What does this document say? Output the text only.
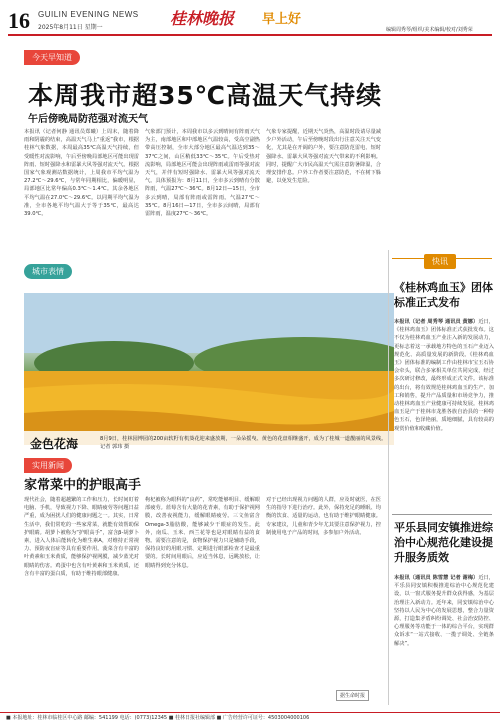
16 GUILIN EVENING NEWS
2025年8月11日 星期一	桂林晚报 早上好
编辑周秀琴/组织/美术编辑/校对/刘秀荣
今天早知道
本周我市超35℃高温天气持续
午后傍晚局防范强对流天气
本报讯（记者何静 通讯员郑曦）上周末，随着降雨和阴霾的结束，高温天气马上“重返”我市，根据桂林气象数据，本周最高35℃高温天气持续，但受暖性对流影响，午后至傍晚局部地区可能出现雷阵雨、短时强降水和雷暴大风等强对流天气。根据国家气象观测站数据统计，上周我市平均气温为27.2℃～29.6℃，与常年同期相比，偏暖明显，局部地区比常年偏高0.3℃～1.4℃。其余各地区平均气温在27.0℃～29.6℃。以同期平均气温为准，全市各地平均气温大于等于35℃，最高达39.0℃。
气象部门预计，本周我市以多云到晴间有阵雨天气为主，南部地区和中部地区气温较高，受高空副热带高压控制，全市大部分地区最高气温达到35～37℃之间，山区稍低33℃～35℃。午后受热对流影响，局部地区可能会出现阵雨或雷雨等强对流天气，并伴有短时强降水、雷暴大风等强对流天气。具体预报为：8月11日，全市多云到晴有分散阵雨，气温27℃～36℃。8月12日—15日，全市多云到晴，局部有阵雨或雷阵雨。气温27℃～35℃。8月16日—17日，全市多云间晴，局部有雷阵雨，温度27℃～36℃。
气象专家提醒，近期天气炎热，高温时段请尽量减少户外活动，午后至傍晚时段出行注意关注天气变化，尤其是在开阔的户外，要注意防范雷电、短时强降水、雷暴大风等强对流天气带来的不利影响。同时，提醒广大市民高温天气需注意防暑降温，合理安排作息。户外工作者要注意防范，不在树下躲避，以免发生危险。
城市表情
金色花海	8月9日，桂林园博园的200亩软籽有机葵花迎来盛放期，一朵朵摇曳、黄色的花盘相继盛开，成为了桂城一道靓丽的风景线。 记者 郭玮 摄
实用新闻
家常菜中的护眼高手
现代社会，随着超越繁的工作和压力，长时间盯着电脑、手机，导致视力下降、眼睛疲劳等问题日益严重，成为困扰人们的健康问题之一。其实，日常生活中，我们常吃的一些家常菜，就能有效帮助保护眼睛。胡萝卜被称为“护眼高手”，富含β-胡萝卜素，进入人体后能转化为维生素A，对维持正常视力、预防夜盲症等具有重要作用。菠菜含有丰富的叶黄素和玉米黄质，能够保护视网膜，减少蓝光对眼睛的伤害。鸡蛋中也含有叶黄素和玉米黄质，还含有丰富的蛋白质，有助于维持眼部健康。
枸杞被称为眼科的“良药”，常吃能够明目、缓解眼部疲劳。蓝莓含有大量的花青素，有助于保护视网膜，改善夜视能力，缓解眼睛疲劳。三文鱼富含Omega-3脂肪酸，能够减少干眼症的发生。此外，南瓜、玉米、西兰花等也是对眼睛有益的食物。需要注意的是，食物保护视力只是辅助手段，保持良好的用眼习惯、定期进行眼部检查才是最重要的。长时间用眼后，应适当休息，远眺放松，让眼睛得到充分休息。
对于已经出现视力问题的人群，应及时就医，在医生的指导下进行治疗。此外，保持充足的睡眠、均衡的饮食、适量的运动，也有助于维护眼睛健康。专家建议，儿童和青少年尤其要注意保护视力，控制使用电子产品的时间，多参加户外活动。
据生命时报
快讯
《桂林鸡血玉》团体标准正式发布
本报讯（记者 周秀琴 通讯员 黄娜）近日，《桂林鸡血玉》团体标准正式获批发布。这不仅为桂林鸡血玉产业注入新的发展动力，更标志着这一承载地方特色的玉石产业迈入规范化、高质量发展的新阶段。《桂林鸡血玉》团体标准的编制工作由桂林市宝玉石协会牵头，联合多家相关单位共同完成，经过多次研讨修改，最终形成正式文件。该标准的出台，将有效规范桂林鸡血玉的生产、加工和销售，提升产品质量和市场竞争力，推动桂林鸡血玉产业健康可持续发展。桂林鸡血玉是产于桂林市龙胜各族自治县的一种特色玉石，色泽艳丽，质地细腻，具有较高的观赏价值和收藏价值。
平乐县同安镇推进综治中心规范化建设提升服务质效
本报讯（通讯员 陈雪慧 记者 谢梅）近日，平乐县同安镇积极推进综治中心规范化建设，以一窗式服务提升群众获得感，为基层治理注入新动力。近年来，同安镇综治中心坚持以人民为中心的发展思想，整合力量资源，打造集矛盾纠纷调处、社会治安防控、心理服务等功能于一体的综合平台，实现群众诉求“一站式接收、一揽子调处、全链条解决”。
■ 本报地址：桂林市临桂区中心路 邮编：541199 电话：(0773)12345 ■ 桂林日报社编辑部 ■ 广告经营许可证号：4503004000106
